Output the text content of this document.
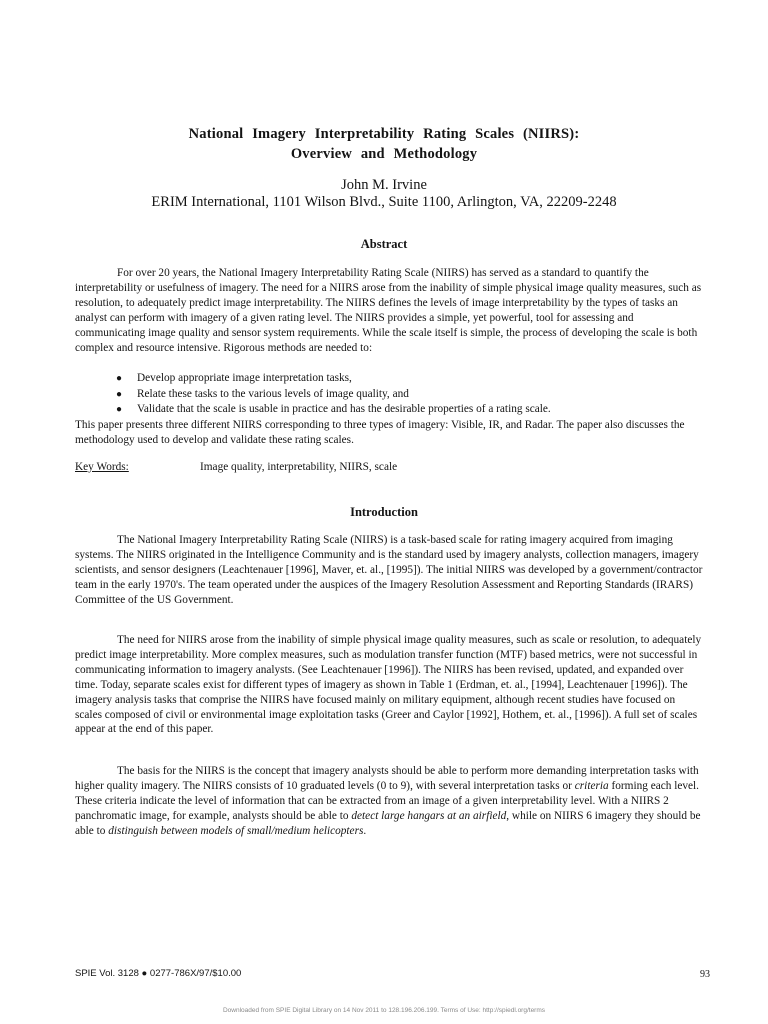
National Imagery Interpretability Rating Scales (NIIRS):
Overview and Methodology
John M. Irvine
ERIM International, 1101 Wilson Blvd., Suite 1100, Arlington, VA, 22209-2248
Abstract

For over 20 years, the National Imagery Interpretability Rating Scale (NIIRS) has served as a standard to quantify the interpretability or usefulness of imagery. The need for a NIIRS arose from the inability of simple physical image quality measures, such as resolution, to adequately predict image interpretability. The NIIRS defines the levels of image interpretability by the types of tasks an analyst can perform with imagery of a given rating level. The NIIRS provides a simple, yet powerful, tool for assessing and communicating image quality and sensor system requirements. While the scale itself is simple, the process of developing the scale is both complex and resource intensive. Rigorous methods are needed to:

● Develop appropriate image interpretation tasks,
● Relate these tasks to the various levels of image quality, and
● Validate that the scale is usable in practice and has the desirable properties of a rating scale.

This paper presents three different NIIRS corresponding to three types of imagery: Visible, IR, and Radar. The paper also discusses the methodology used to develop and validate these rating scales.

Key Words:	Image quality, interpretability, NIIRS, scale
Introduction

The National Imagery Interpretability Rating Scale (NIIRS) is a task-based scale for rating imagery acquired from imaging systems. The NIIRS originated in the Intelligence Community and is the standard used by imagery analysts, collection managers, imagery scientists, and sensor designers (Leachtenauer [1996], Maver, et. al., [1995]). The initial NIIRS was developed by a government/contractor team in the early 1970's. The team operated under the auspices of the Imagery Resolution Assessment and Reporting Standards (IRARS) Committee of the US Government.

The need for NIIRS arose from the inability of simple physical image quality measures, such as scale or resolution, to adequately predict image interpretability. More complex measures, such as modulation transfer function (MTF) based metrics, were not successful in communicating information to imagery analysts. (See Leachtenauer [1996]). The NIIRS has been revised, updated, and expanded over time. Today, separate scales exist for different types of imagery as shown in Table 1 (Erdman, et. al., [1994], Leachtenauer [1996]). The imagery analysis tasks that comprise the NIIRS have focused mainly on military equipment, although recent studies have focused on scales composed of civil or environmental image exploitation tasks (Greer and Caylor [1992], Hothem, et. al., [1996]). A full set of scales appear at the end of this paper.

The basis for the NIIRS is the concept that imagery analysts should be able to perform more demanding interpretation tasks with higher quality imagery. The NIIRS consists of 10 graduated levels (0 to 9), with several interpretation tasks or criteria forming each level. These criteria indicate the level of information that can be extracted from an image of a given interpretability level. With a NIIRS 2 panchromatic image, for example, analysts should be able to detect large hangars at an airfield, while on NIIRS 6 imagery they should be able to distinguish between models of small/medium helicopters.

SPIE Vol. 3128 ● 0277-786X/97/$10.00	93
Downloaded from SPIE Digital Library on 14 Nov 2011 to 128.196.206.199. Terms of Use: http://spiedl.org/terms
